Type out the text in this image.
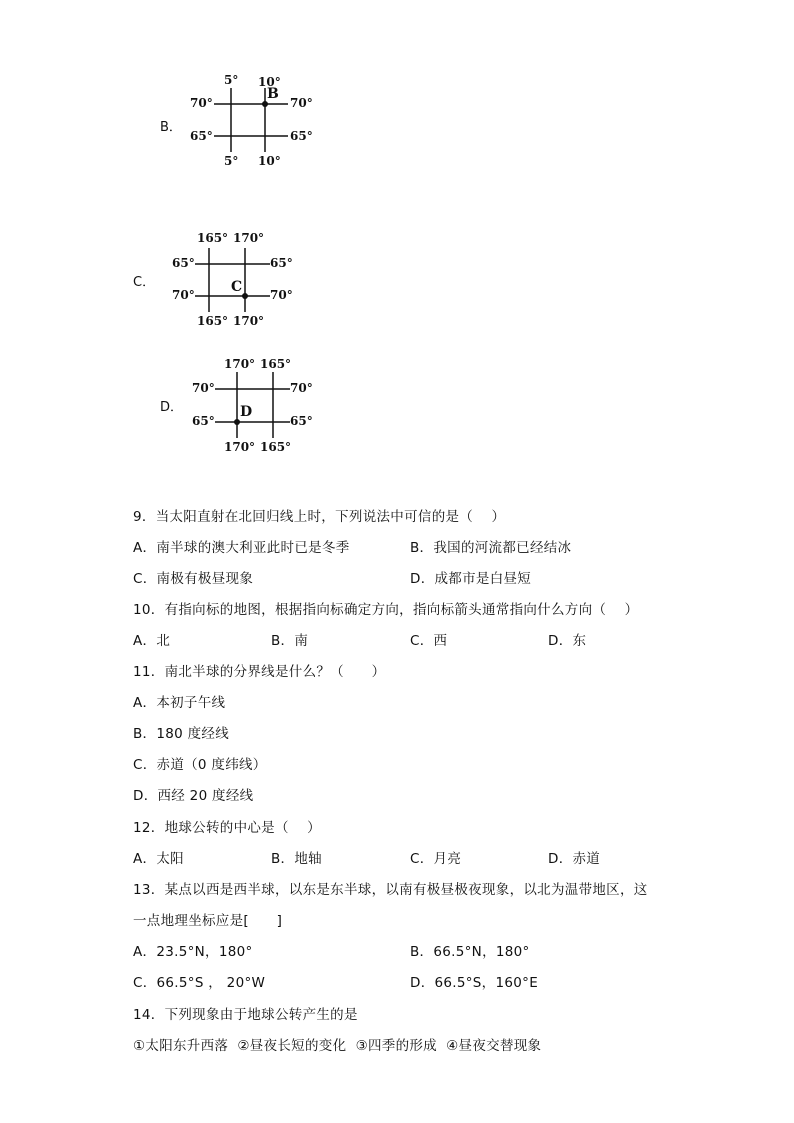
B．
5° 10°
5° 10°
70°
65°
70°
65°
B
C．
165° 170°
165° 170°
65°
70°
65°
70°
C
D．
170° 165°
170° 165°
70°
65°
70°
65°
D
9．当太阳直射在北回归线上时，下列说法中可信的是（　 ）
A．南半球的澳大利亚此时已是冬季	B．我国的河流都已经结冰
C．南极有极昼现象	D．成都市是白昼短
10．有指向标的地图，根据指向标确定方向，指向标箭头通常指向什么方向（　 ）
A．北	B．南	C．西	D．东
11．南北半球的分界线是什么？（　　）
A．本初子午线
B．180 度经线
C．赤道（0 度纬线）
D．西经 20 度经线
12．地球公转的中心是（　 ）
A．太阳	B．地轴	C．月亮	D．赤道
13．某点以西是西半球，以东是东半球，以南有极昼极夜现象，以北为温带地区，这
一点地理坐标应是[　　]
A．23.5°N，180°	B．66.5°N，180°
C．66.5°S ， 20°W	D．66.5°S，160°E
14．下列现象由于地球公转产生的是
①太阳东升西落  ②昼夜长短的变化  ③四季的形成  ④昼夜交替现象
